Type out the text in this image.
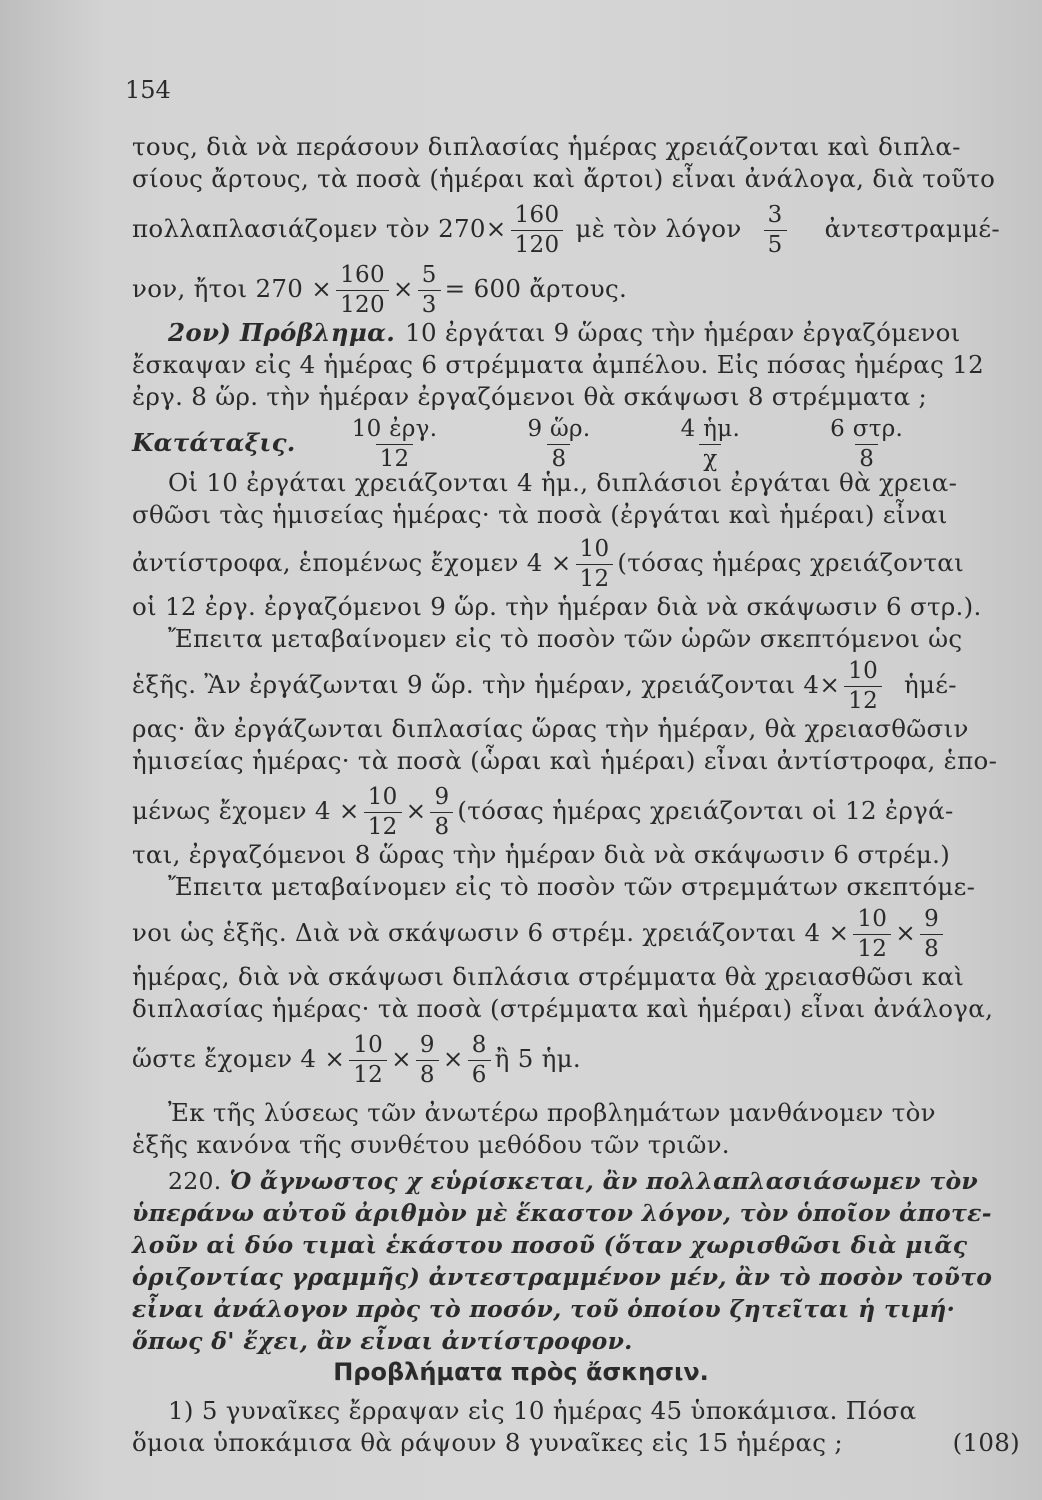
154
τους, διὰ νὰ περάσουν διπλασίας ἡμέρας χρειάζονται καὶ διπλα-
σίους ἄρτους, τὰ ποσὰ (ἡμέραι καὶ ἄρτοι) εἶναι ἀνάλογα, διὰ τοῦτο
πολλαπλασιάζομεν τὸν $270\times \frac{160}{120}$ μὲ τὸν λόγον $\frac{3}{5}$ ἀντεστραμμέ-
νον, ἤτοι $270 \times \frac{160}{120} \times \frac{5}{3} = 600$ ἄρτους.
2ον) Πρόβλημα. 10 ἐργάται 9 ὥρας τὴν ἡμέραν ἐργαζόμενοι
ἔσκαψαν εἰς 4 ἡμέρας 6 στρέμματα ἀμπέλου. Εἰς πόσας ἡμέρας 12
ἐργ. 8 ὥρ. τὴν ἡμέραν ἐργαζόμενοι θὰ σκάψωσι 8 στρέμματα ;
Κατάταξις. $\frac{\text{10 ἐργ.}}{12}$
	$\frac{\text{9 ὥρ.}}{8}$
	$\frac{\text{4 ἡμ.}}{\chi}$
	$\frac{\text{6 στρ.}}{8}$
Οἱ 10 ἐργάται χρειάζονται 4 ἡμ., διπλάσιοι ἐργάται θὰ χρεια-
σθῶσι τὰς ἡμισείας ἡμέρας· τὰ ποσὰ (ἐργάται καὶ ἡμέραι) εἶναι
ἀντίστροφα, ἑπομένως ἔχομεν $4 \times \frac{10}{12} (\tau ό\sigma\alpha\varsigma$ ἡμέρας χρειάζονται
οἱ 12 ἐργ. ἐργαζόμενοι 9 ὥρ. τὴν ἡμέραν διὰ νὰ σκάψωσιν 6 στρ.).
Ἔπειτα μεταβαίνομεν εἰς τὸ ποσὸν τῶν ὡρῶν σκεπτόμενοι ὡς
ἑξῆς. Ἂν ἐργάζωνται 9 ὥρ. τὴν ἡμέραν, χρειάζονται $4\times \frac{10}{12}$ ἡμέ-
ρας· ἂν ἐργάζωνται διπλασίας ὥρας τὴν ἡμέραν, θὰ χρειασθῶσιν
ἡμισείας ἡμέρας· τὰ ποσὰ (ὧραι καὶ ἡμέραι) εἶναι ἀντίστροφα, ἑπο-
μένως ἔχομεν $4 \times \frac{10}{12} \times \frac{9}{8} (\tau ό\sigma\alpha\varsigma$ ἡμέρας χρειάζονται οἱ 12 ἐργά-
ται, ἐργαζόμενοι 8 ὥρας τὴν ἡμέραν διὰ νὰ σκάψωσιν 6 στρέμ.)
Ἔπειτα μεταβαίνομεν εἰς τὸ ποσὸν τῶν στρεμμάτων σκεπτόμε-
νοι ὡς ἑξῆς. Διὰ νὰ σκάψωσιν 6 στρέμ. χρειάζονται $4 \times \frac{10}{12} \times \frac{9}{8}$
ἡμέρας, διὰ νὰ σκάψωσι διπλάσια στρέμματα θὰ χρειασθῶσι καὶ
διπλασίας ἡμέρας· τὰ ποσὰ (στρέμματα καὶ ἡμέραι) εἶναι ἀνάλογα,
ὥστε ἔχομεν $4 \times \frac{10}{12} \times \frac{9}{8} \times \frac{8}{6}$ ἢ 5 ἡμ.
Ἐκ τῆς λύσεως τῶν ἀνωτέρω προβλημάτων μανθάνομεν τὸν
ἑξῆς κανόνα τῆς συνθέτου μεθόδου τῶν τριῶν.
220. Ὁ ἄγνωστος χ εὑρίσκεται, ἂν πολλαπλασιάσωμεν τὸν
ὑπεράνω αὐτοῦ ἀριθμὸν μὲ ἕκαστον λόγον, τὸν ὁποῖον ἀποτε-
λοῦν αἱ δύο τιμαὶ ἑκάστου ποσοῦ (ὅταν χωρισθῶσι διὰ μιᾶς
ὁριζοντίας γραμμῆς) ἀντεστραμμένον μέν, ἂν τὸ ποσὸν τοῦτο
εἶναι ἀνάλογον πρὸς τὸ ποσόν, τοῦ ὁποίου ζητεῖται ἡ τιμή·
Προβλήματα πρὸς ἄσκησιν.
ὅπως δ' ἔχει, ἂν εἶναι ἀντίστροφον.
1) 5 γυναῖκες ἔρραψαν εἰς 10 ἡμέρας 45 ὑποκάμισα. Πόσα
ὅμοια ὑποκάμισα θὰ ράψουν 8 γυναῖκες εἰς 15 ἡμέρας ;	(108)
